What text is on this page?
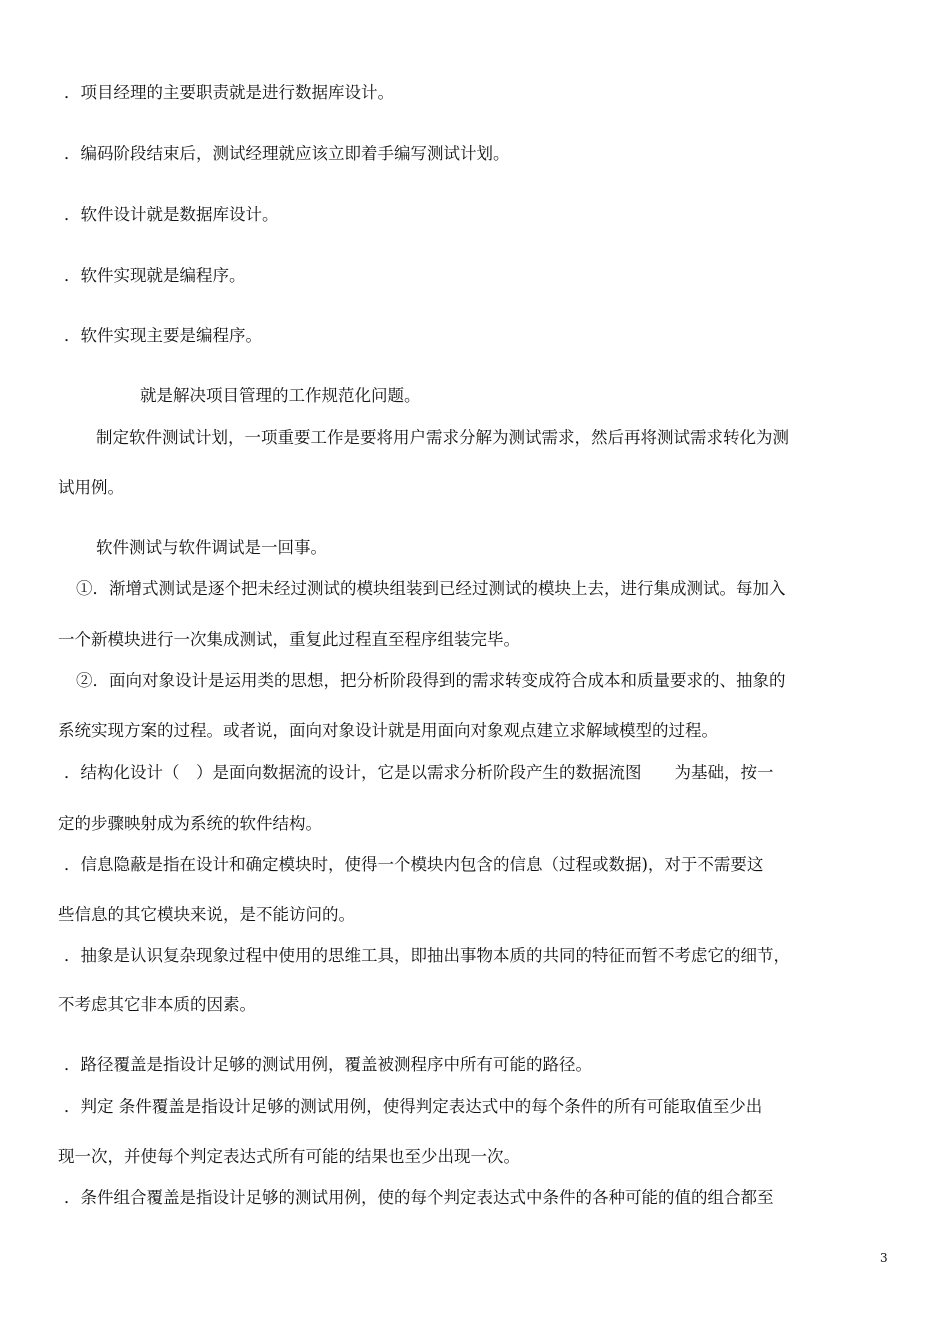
．项目经理的主要职责就是进行数据库设计。
．编码阶段结束后，测试经理就应该立即着手编写测试计划。
．软件设计就是数据库设计。
．软件实现就是编程序。
．软件实现主要是编程序。
就是解决项目管理的工作规范化问题。
制定软件测试计划，一项重要工作是要将用户需求分解为测试需求，然后再将测试需求转化为测
试用例。
软件测试与软件调试是一回事。
①．渐增式测试是逐个把未经过测试的模块组装到已经过测试的模块上去，进行集成测试。每加入
一个新模块进行一次集成测试，重复此过程直至程序组装完毕。
②．面向对象设计是运用类的思想，把分析阶段得到的需求转变成符合成本和质量要求的、抽象的
系统实现方案的过程。或者说，面向对象设计就是用面向对象观点建立求解域模型的过程。
．结构化设计（　）是面向数据流的设计，它是以需求分析阶段产生的数据流图　　为基础，按一
定的步骤映射成为系统的软件结构。
．信息隐蔽是指在设计和确定模块时，使得一个模块内包含的信息（过程或数据)，对于不需要这
些信息的其它模块来说，是不能访问的。
．抽象是认识复杂现象过程中使用的思维工具，即抽出事物本质的共同的特征而暂不考虑它的细节，
不考虑其它非本质的因素。
．路径覆盖是指设计足够的测试用例，覆盖被测程序中所有可能的路径。
．判定 条件覆盖是指设计足够的测试用例，使得判定表达式中的每个条件的所有可能取值至少出
现一次，并使每个判定表达式所有可能的结果也至少出现一次。
．条件组合覆盖是指设计足够的测试用例，使的每个判定表达式中条件的各种可能的值的组合都至
3
